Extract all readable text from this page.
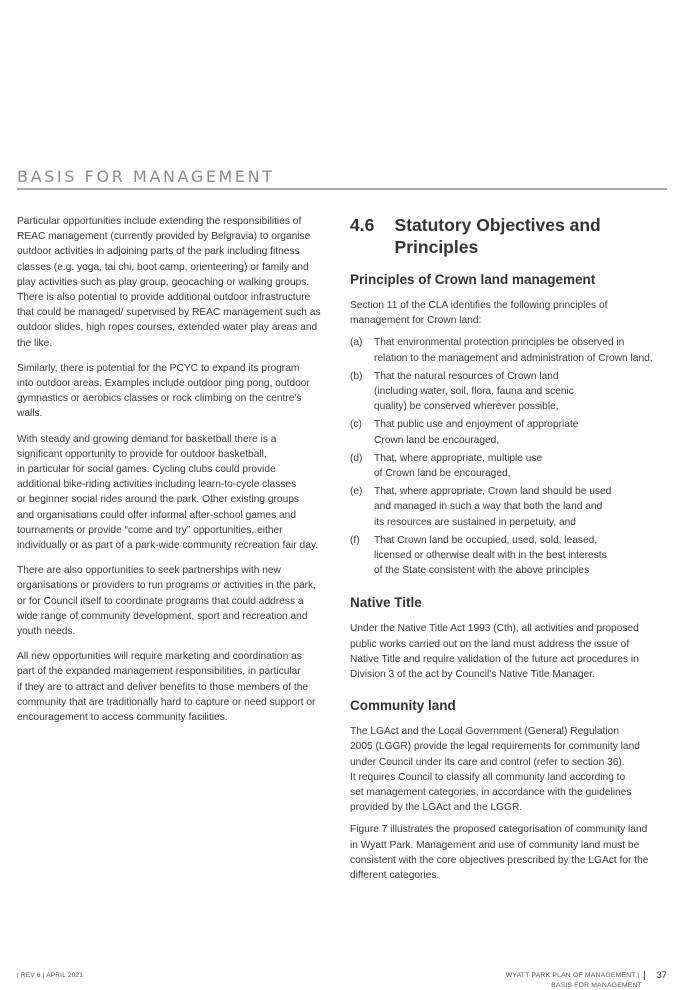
BASIS FOR MANAGEMENT

Particular opportunities include extending the responsibilities of
REAC management (currently provided by Belgravia) to organise
outdoor activities in adjoining parts of the park including fitness
classes (e.g. yoga, tai chi, boot camp, orienteering) or family and
play activities such as play group, geocaching or walking groups.
There is also potential to provide additional outdoor infrastructure
that could be managed/ supervised by REAC management such as
outdoor slides, high ropes courses, extended water play areas and
the like.

Similarly, there is potential for the PCYC to expand its program
into outdoor areas. Examples include outdoor ping pong, outdoor
gymnastics or aerobics classes or rock climbing on the centre's
walls.

With steady and growing demand for basketball there is a
significant opportunity to provide for outdoor basketball,
in particular for social games. Cycling clubs could provide
additional bike-riding activities including learn-to-cycle classes
or beginner social rides around the park. Other existing groups
and organisations could offer informal after-school games and
tournaments or provide “come and try” opportunities, either
individually or as part of a park-wide community recreation fair day.

There are also opportunities to seek partnerships with new
organisations or providers to run programs or activities in the park,
or for Council itself to coordinate programs that could address a
wide range of community development, sport and recreation and
youth needs.

All new opportunities will require marketing and coordination as
part of the expanded management responsibilities, in particular
if they are to attract and deliver benefits to those members of the
community that are traditionally hard to capture or need support or
encouragement to access community facilities.

4.6	Statutory Objectives and Principles
Principles of Crown land management

Section 11 of the CLA identifies the following principles of
management for Crown land:

(a)	That environmental protection principles be observed in
relation to the management and administration of Crown land,
(b)	That the natural resources of Crown land
(including water, soil, flora, fauna and scenic
quality) be conserved wherever possible,
(c)	That public use and enjoyment of appropriate
Crown land be encouraged,
(d)	That, where appropriate, multiple use
of Crown land be encouraged,
(e)	That, where appropriate, Crown land should be used
and managed in such a way that both the land and
its resources are sustained in perpetuity, and
(f)	That Crown land be occupied, used, sold, leased,
licensed or otherwise dealt with in the best interests
of the State consistent with the above principles
Native Title

Under the Native Title Act 1993 (Cth), all activities and proposed
public works carried out on the land must address the issue of
Native Title and require validation of the future act procedures in
Division 3 of the act by Council's Native Title Manager.

Community land

The LGAct and the Local Government (General) Regulation
2005 (LGGR) provide the legal requirements for community land
under Council under its care and control (refer to section 36).
It requires Council to classify all community land according to
set management categories, in accordance with the guidelines
provided by the LGAct and the LGGR.

Figure 7 illustrates the proposed categorisation of community land
in Wyatt Park. Management and use of community land must be
consistent with the core objectives prescribed by the LGAct for the
different categories.

| REV 6 | APRIL 2021	WYATT PARK PLAN OF MANAGEMENT | 37
BASIS FOR MANAGEMENT
